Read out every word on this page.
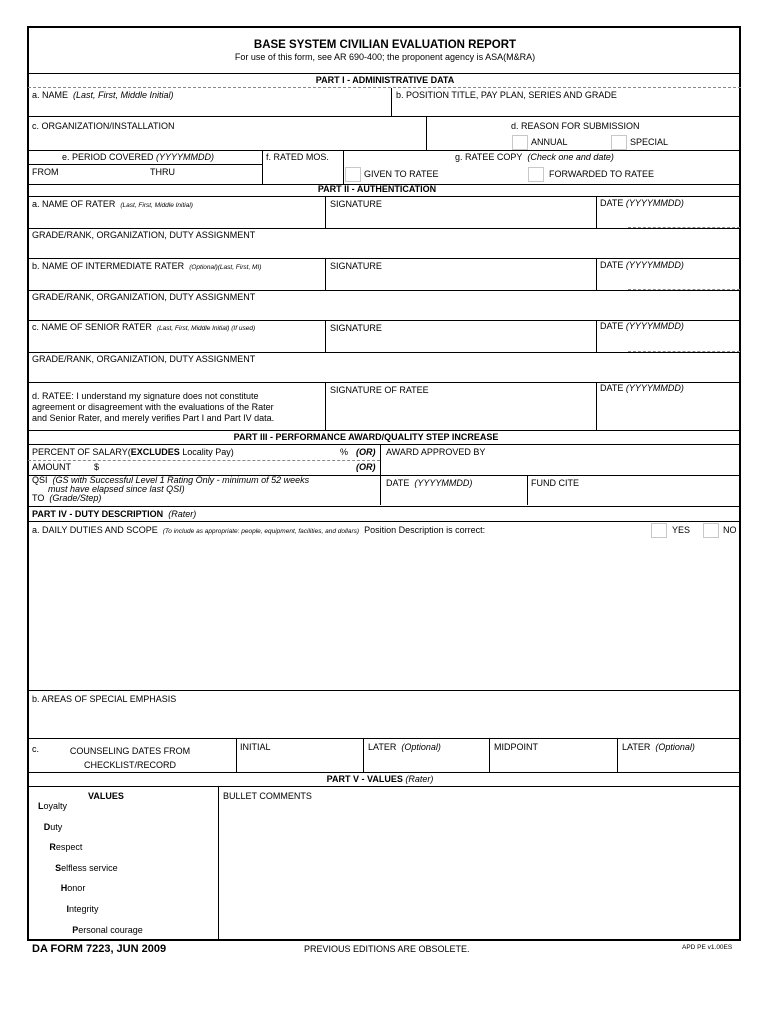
BASE SYSTEM CIVILIAN EVALUATION REPORT
For use of this form, see AR 690-400; the proponent agency is ASA(M&RA)
PART I - ADMINISTRATIVE DATA
a. NAME (Last, First, Middle Initial)	b. POSITION TITLE, PAY PLAN, SERIES AND GRADE
c. ORGANIZATION/INSTALLATION	d. REASON FOR SUBMISSION
ANNUAL	SPECIAL
e. PERIOD COVERED (YYYYMMDD)	f. RATED MOS.	g. RATEE COPY (Check one and date)
FROM	THRU	GIVEN TO RATEE	FORWARDED TO RATEE
PART II - AUTHENTICATION
a. NAME OF RATER (Last, First, Middle Initial)	SIGNATURE	DATE (YYYYMMDD)
GRADE/RANK, ORGANIZATION, DUTY ASSIGNMENT
b. NAME OF INTERMEDIATE RATER (Optional)(Last, First, MI)	SIGNATURE	DATE (YYYYMMDD)
GRADE/RANK, ORGANIZATION, DUTY ASSIGNMENT
c. NAME OF SENIOR RATER (Last, First, Middle Initial) (If used)	SIGNATURE	DATE (YYYYMMDD)
GRADE/RANK, ORGANIZATION, DUTY ASSIGNMENT
d. RATEE: I understand my signature does not constitute
agreement or disagreement with the evaluations of the Rater
and Senior Rater, and merely verifies Part I and Part IV data.
SIGNATURE OF RATEE	DATE (YYYYMMDD)
PART III - PERFORMANCE AWARD/QUALITY STEP INCREASE
PERCENT OF SALARY(EXCLUDES Locality Pay)	% (OR) AWARD APPROVED BY
AMOUNT	$	(OR)
QSI (GS with Successful Level 1 Rating Only - minimum of 52 weeks
must have elapsed since last QSI)
TO (Grade/Step)
DATE (YYYYMMDD)	FUND CITE
PART IV - DUTY DESCRIPTION (Rater)
a. DAILY DUTIES AND SCOPE (To include as appropriate: people, equipment, facilities, and dollars) Position Description is correct:	YES	NO
b. AREAS OF SPECIAL EMPHASIS
c.	COUNSELING DATES FROM
CHECKLIST/RECORD
INITIAL	LATER (Optional)	MIDPOINT	LATER (Optional)
PART V - VALUES (Rater)
VALUES	BULLET COMMENTS
Loyalty
Duty
Respect
Selfless service
Honor
Integrity
Personal courage
DA FORM 7223, JUN 2009	PREVIOUS EDITIONS ARE OBSOLETE.	APD PE v1.00ES
